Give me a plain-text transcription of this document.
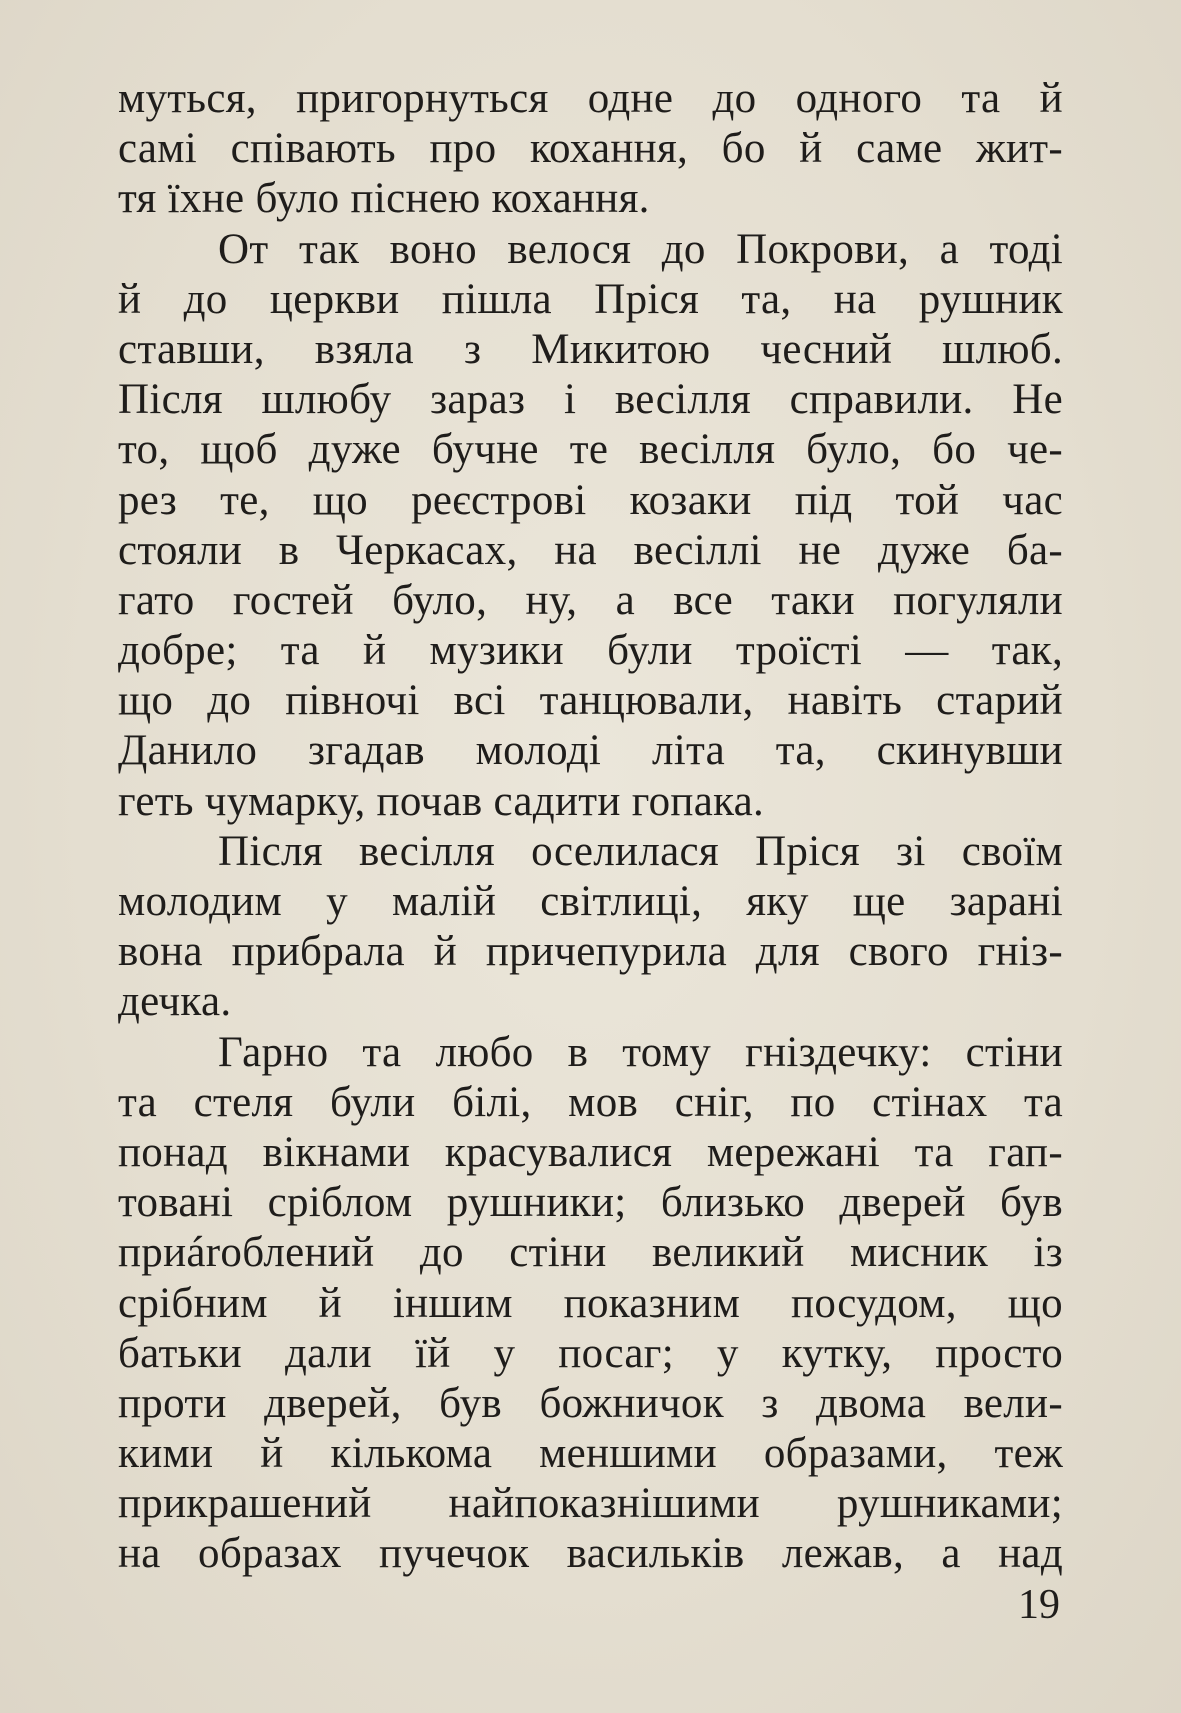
муться, пригорнуться одне до одного та й
самі співають про кохання, бо й саме жит-
тя їхне було піснею кохання.
От так воно велося до Покрови, а тоді
й до церкви пішла Пріся та, на рушник
ставши, взяла з Микитою чесний шлюб.
Після шлюбу зараз і весілля справили. Не
то, щоб дуже бучне те весілля було, бо че-
рез те, що реєстрові козаки під той час
стояли в Черкасах, на весіллі не дуже ба-
гато гостей було, ну, а все таки погуляли
добре; та й музики були троїсті — так,
що до півночі всі танцювали, навіть старий
Данило згадав молоді літа та, скинувши
геть чумарку, почав садити гопака.
Після весілля оселилася Пріся зі своїм
молодим у малій світлиці, яку ще зарані
вона прибрала й причепурила для свого гніз-
дечка.
Гарно та любо в тому гніздечку: стіни
та стеля були білі, мов сніг, по стінах та
понад вікнами красувалися мережані та гап-
товані сріблом рушники; близько дверей був
приároблений до стіни великий мисник із
срібним й іншим показним посудом, що
батьки дали їй у посаг; у кутку, просто
проти дверей, був божничок з двома вели-
кими й кількома меншими образами, теж
прикрашений найпоказнішими рушниками;
на образах пучечок васильків лежав, а над
19
